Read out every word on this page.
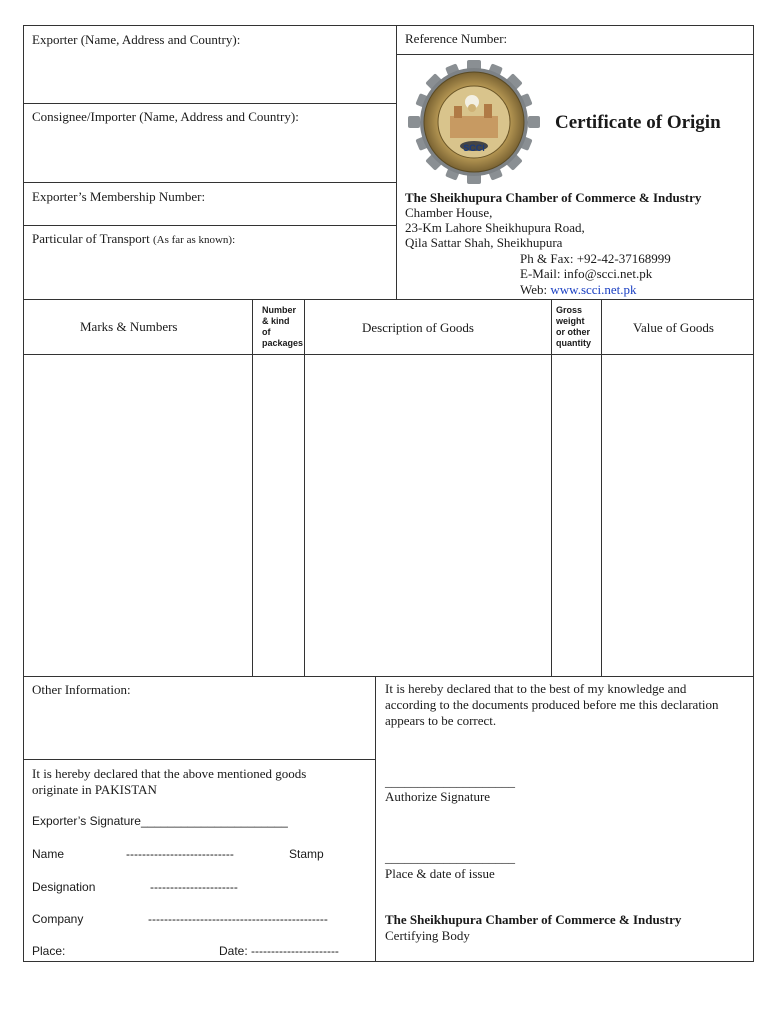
Exporter (Name, Address and Country):
Consignee/Importer (Name, Address and Country):
Exporter’s Membership Number:
Particular of Transport (As far as known):
Reference Number:
SCCI
Certificate of Origin
The Sheikhupura Chamber of Commerce & Industry
Chamber House,
23-Km Lahore Sheikhupura Road,
Qila Sattar Shah, Sheikhupura
Ph & Fax: +92-42-37168999
E-Mail: info@scci.net.pk
Web: www.scci.net.pk
Marks & Numbers
Number
& kind
of
packages
Description of Goods
Gross
weight
or other
quantity
Value of Goods
Other Information:
It is hereby declared that the above mentioned goods
originate in PAKISTAN
Exporter’s Signature______________________
Name	---------------------------	Stamp
Designation	----------------------
Company	---------------------------------------------
Place:	Date: ----------------------
It is hereby declared that to the best of my knowledge and
according to the documents produced before me this declaration
appears to be correct.
____________________
Authorize Signature
____________________
Place & date of issue
The Sheikhupura Chamber of Commerce & Industry
Certifying Body
